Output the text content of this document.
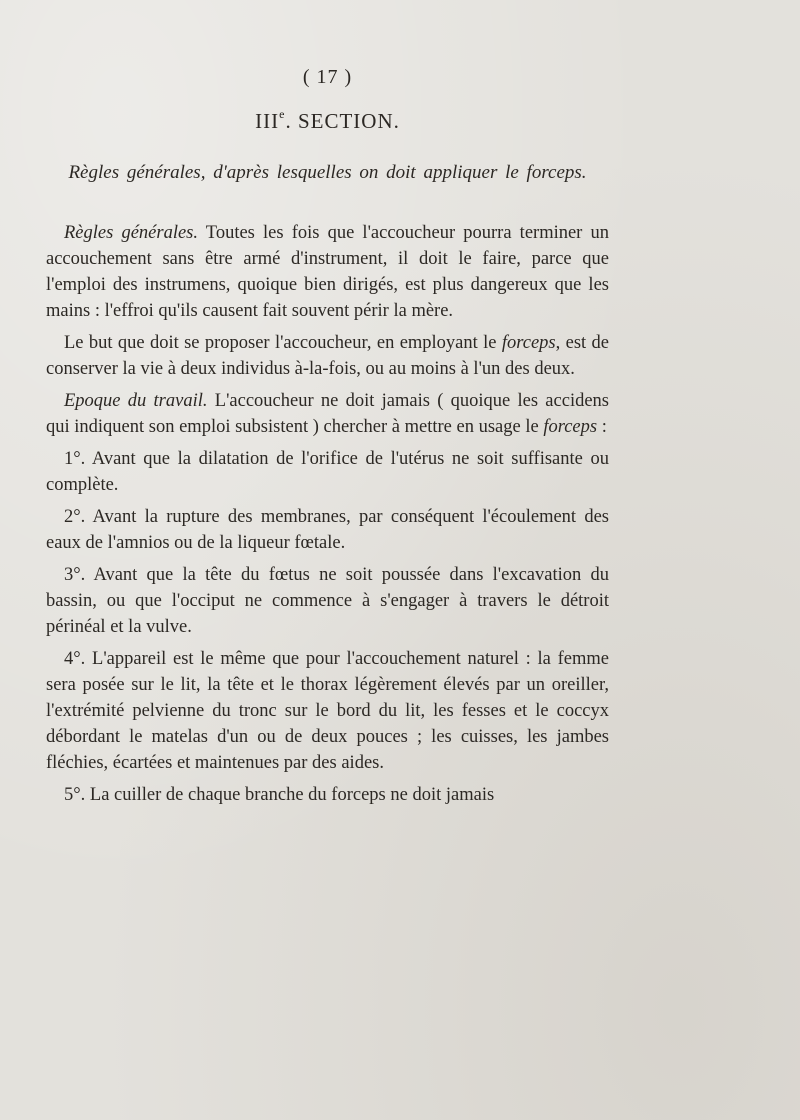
( 17 )
IIIe. SECTION.
Règles générales, d'après lesquelles on doit appliquer le forceps.

Règles générales. Toutes les fois que l'accoucheur pourra terminer un accouchement sans être armé d'instrument, il doit le faire, parce que l'emploi des instrumens, quoique bien dirigés, est plus dangereux que les mains : l'effroi qu'ils causent fait souvent périr la mère.

Le but que doit se proposer l'accoucheur, en employant le forceps, est de conserver la vie à deux individus à-la-fois, ou au moins à l'un des deux.

Epoque du travail. L'accoucheur ne doit jamais ( quoique les accidens qui indiquent son emploi subsistent ) chercher à mettre en usage le forceps :

1°. Avant que la dilatation de l'orifice de l'utérus ne soit suffisante ou complète.

2°. Avant la rupture des membranes, par conséquent l'écoulement des eaux de l'amnios ou de la liqueur fœtale.

3°. Avant que la tête du fœtus ne soit poussée dans l'excavation du bassin, ou que l'occiput ne commence à s'engager à travers le détroit périnéal et la vulve.

4°. L'appareil est le même que pour l'accouchement naturel : la femme sera posée sur le lit, la tête et le thorax légèrement élevés par un oreiller, l'extrémité pelvienne du tronc sur le bord du lit, les fesses et le coccyx débordant le matelas d'un ou de deux pouces ; les cuisses, les jambes fléchies, écartées et maintenues par des aides.

5°. La cuiller de chaque branche du forceps ne doit jamais
